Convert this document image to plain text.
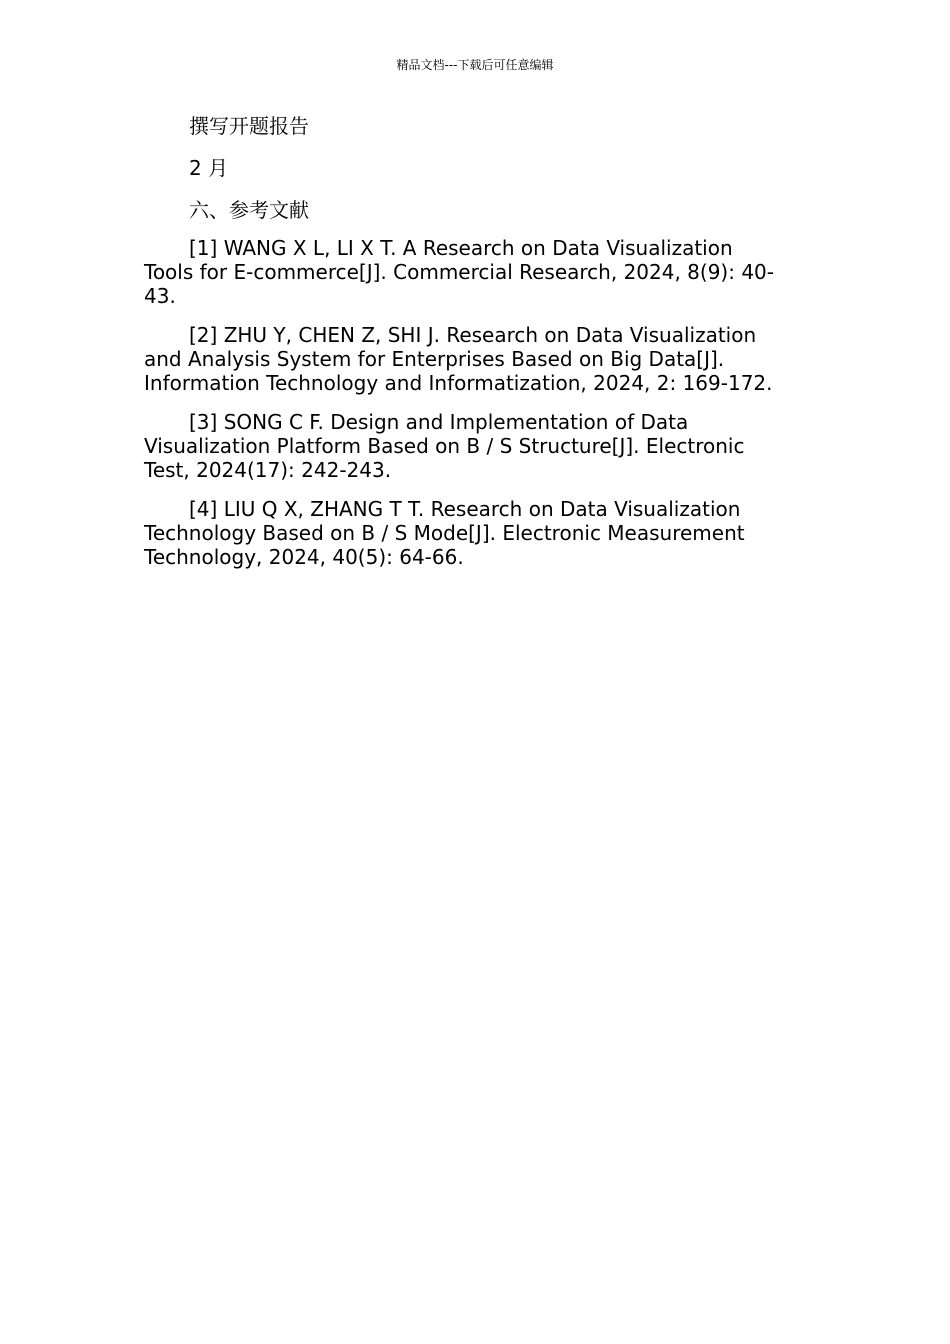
精品文档---下载后可任意编辑

撰写开题报告

2 月

六、参考文献

[1] WANG X L, LI X T. A Research on Data Visualization
Tools for E-commerce[J]. Commercial Research, 2024, 8(9): 40-
43.

[2] ZHU Y, CHEN Z, SHI J. Research on Data Visualization
and Analysis System for Enterprises Based on Big Data[J].
Information Technology and Informatization, 2024, 2: 169-172.

[3] SONG C F. Design and Implementation of Data
Visualization Platform Based on B / S Structure[J]. Electronic
Test, 2024(17): 242-243.

[4] LIU Q X, ZHANG T T. Research on Data Visualization
Technology Based on B / S Mode[J]. Electronic Measurement
Technology, 2024, 40(5): 64-66.
